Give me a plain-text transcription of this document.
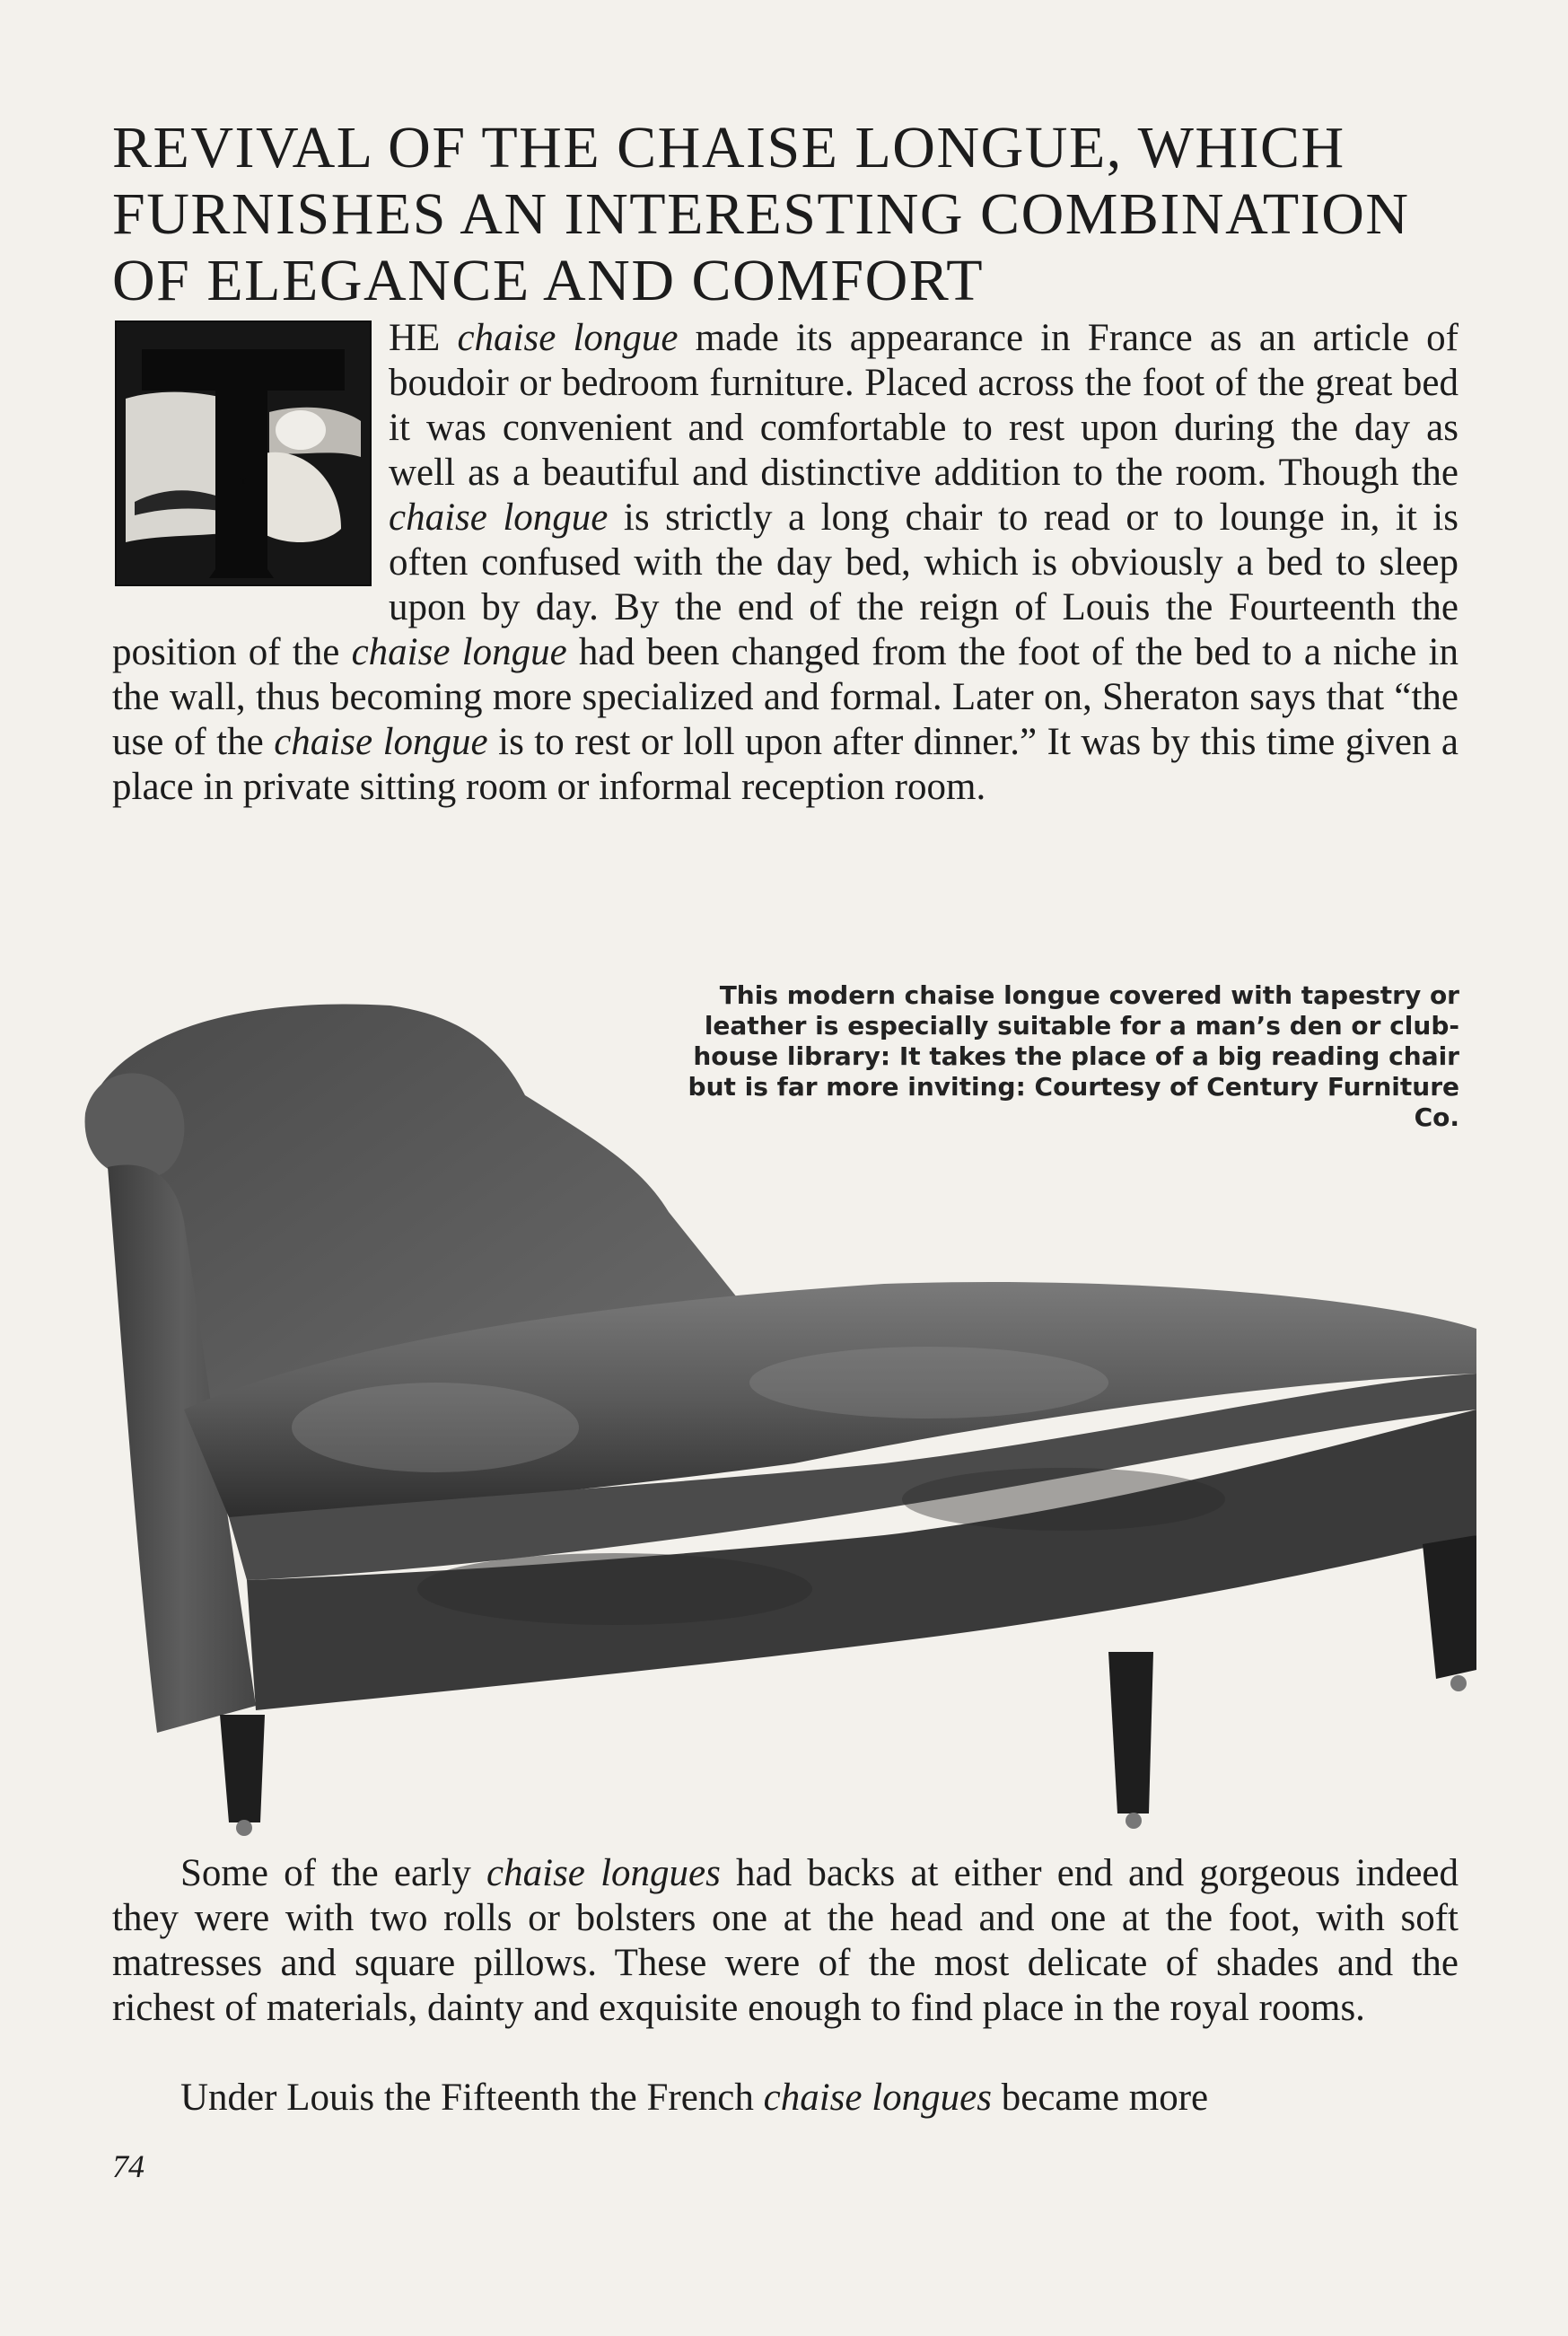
REVIVAL OF THE CHAISE LONGUE, WHICH FURNISHES AN INTERESTING COMBINATION OF ELEGANCE AND COMFORT
T

HE chaise longue made its appearance in France as an article of boudoir or bedroom furniture. Placed across the foot of the great bed it was convenient and comfortable to rest upon during the day as well as a beautiful and distinctive addition to the room. Though the chaise longue is strictly a long chair to read or to lounge in, it is often confused with the day bed, which is obviously a bed to sleep upon by day. By the end of the reign of Louis the Fourteenth the position of the chaise longue had been changed from the foot of the bed to a niche in the wall, thus becoming more specialized and formal. Later on, Sheraton says that “the use of the chaise longue is to rest or loll upon after dinner.” It was by this time given a place in private sitting room or informal reception room.

This modern chaise longue covered with tapestry or leather is especially suitable for a man’s den or club-house library: It takes the place of a big reading chair but is far more inviting: Courtesy of Century Furniture Co.

Some of the early chaise longues had backs at either end and gorgeous indeed they were with two rolls or bolsters one at the head and one at the foot, with soft matresses and square pillows. These were of the most delicate of shades and the richest of materials, dainty and exquisite enough to find place in the royal rooms.

Under Louis the Fifteenth the French chaise longues became more

74
